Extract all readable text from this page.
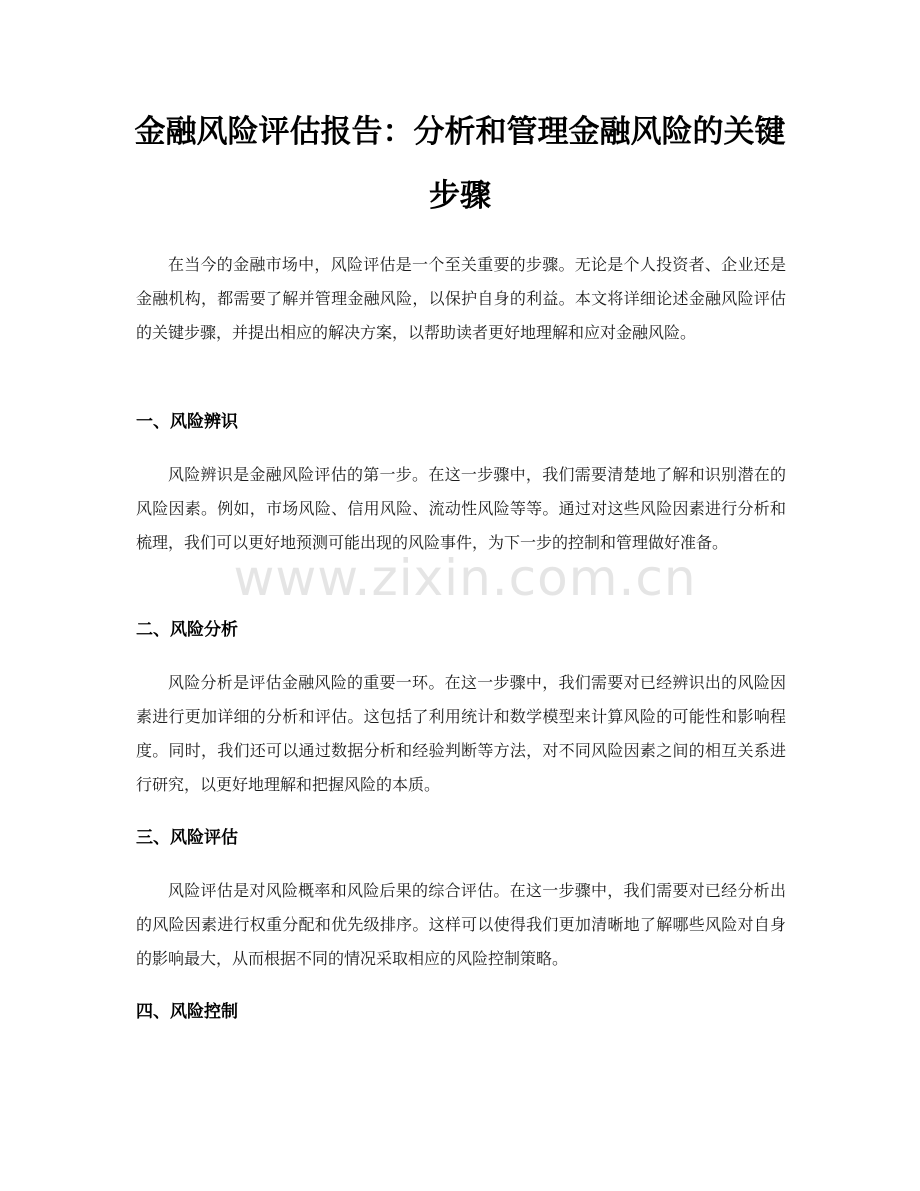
金融风险评估报告：分析和管理金融风险的关键步骤

在当今的金融市场中，风险评估是一个至关重要的步骤。无论是个人投资者、企业还是金融机构，都需要了解并管理金融风险，以保护自身的利益。本文将详细论述金融风险评估的关键步骤，并提出相应的解决方案，以帮助读者更好地理解和应对金融风险。

一、风险辨识

风险辨识是金融风险评估的第一步。在这一步骤中，我们需要清楚地了解和识别潜在的风险因素。例如，市场风险、信用风险、流动性风险等等。通过对这些风险因素进行分析和梳理，我们可以更好地预测可能出现的风险事件，为下一步的控制和管理做好准备。

二、风险分析

风险分析是评估金融风险的重要一环。在这一步骤中，我们需要对已经辨识出的风险因素进行更加详细的分析和评估。这包括了利用统计和数学模型来计算风险的可能性和影响程度。同时，我们还可以通过数据分析和经验判断等方法，对不同风险因素之间的相互关系进行研究，以更好地理解和把握风险的本质。

三、风险评估

风险评估是对风险概率和风险后果的综合评估。在这一步骤中，我们需要对已经分析出的风险因素进行权重分配和优先级排序。这样可以使得我们更加清晰地了解哪些风险对自身的影响最大，从而根据不同的情况采取相应的风险控制策略。

四、风险控制
www.zixin.com.cn
